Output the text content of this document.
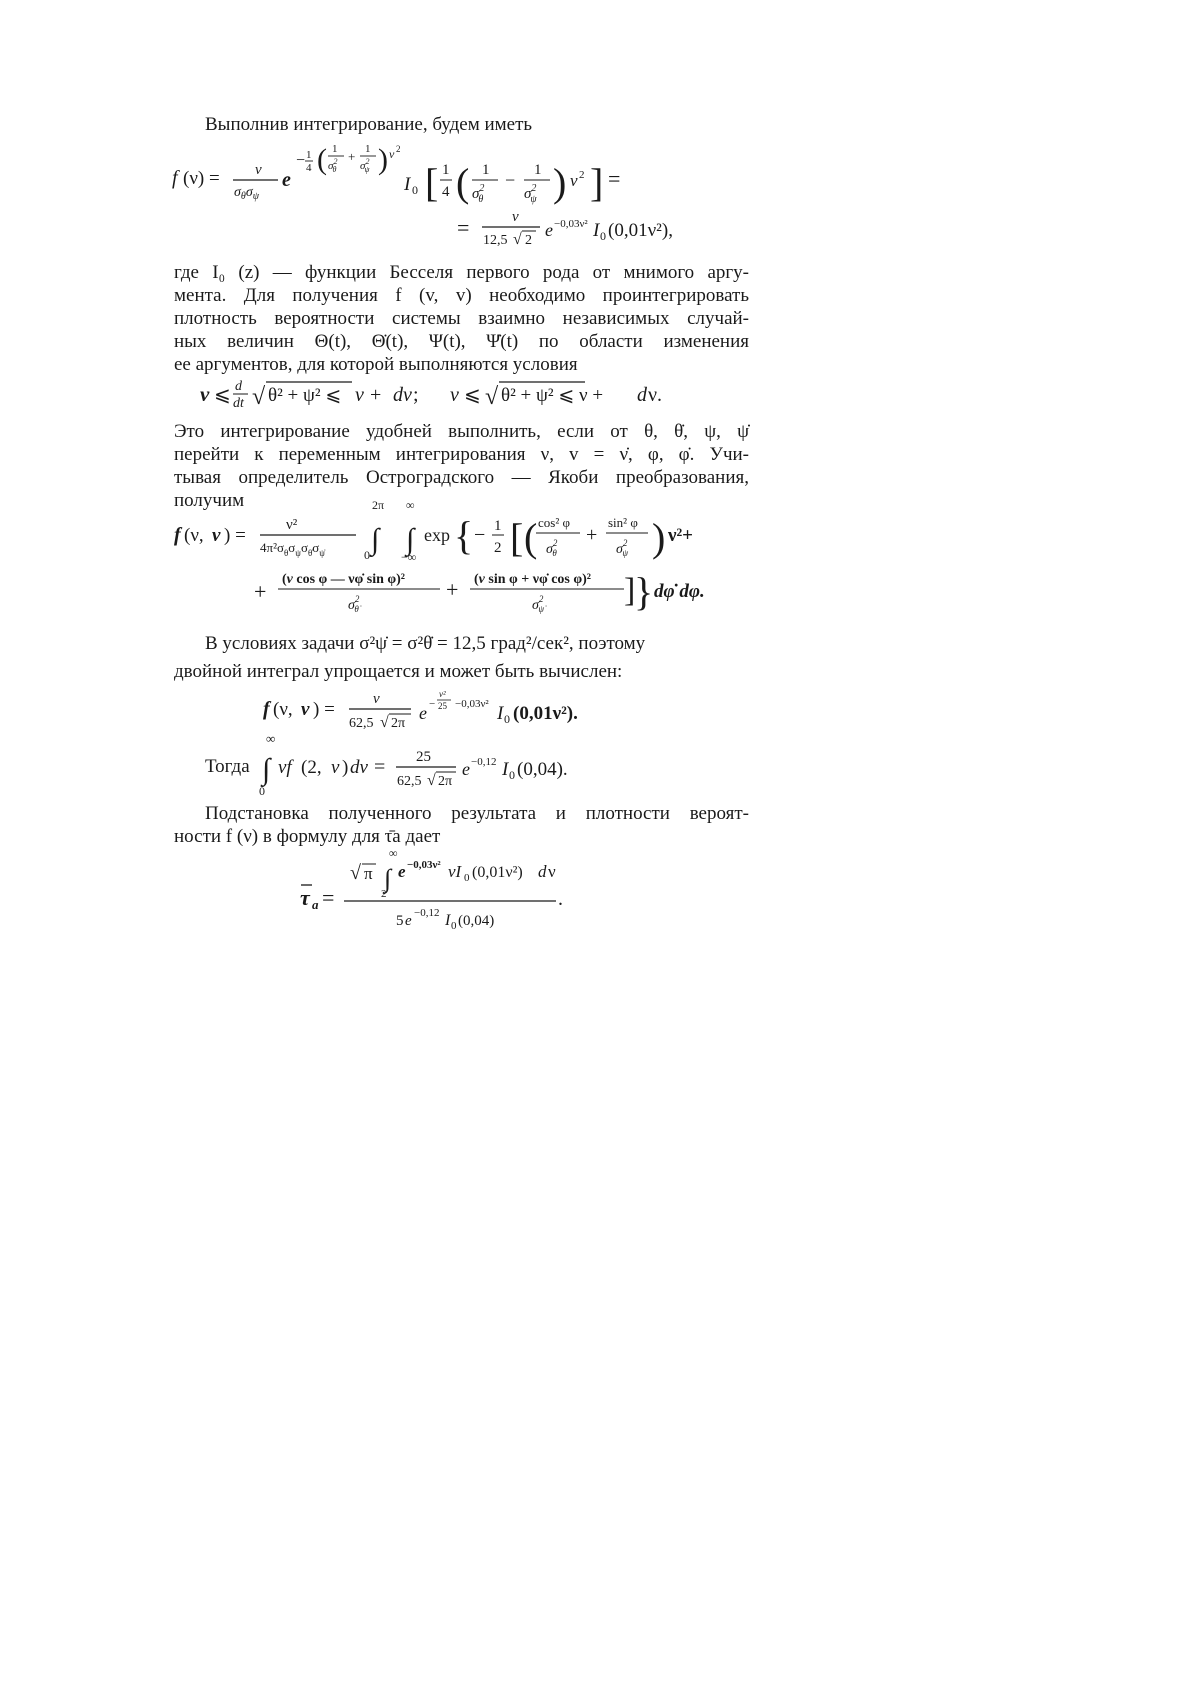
Выполнив интегрирование, будем иметь
f (ν) = ν
$\sigma_\theta\sigma_\psi$
e
− 1
4 ( 1
$\sigma^2$ θ
+ 1
$\sigma^2$ ψ ) ν 2
I 0 [ 1
4 ( 1
$\sigma^2$ θ
− 1
$\sigma^2$ ψ ) ν 2 ] =
=	ν
12,5 √ 2
e −0,03ν² I 0 (0,01ν²),
где I₀ (z) — функции Бесселя первого рода от мнимого аргу-
мента. Для получения f (v, v) необходимо проинтегрировать
плотность вероятности системы взаимно независимых случай-
ных величин Θ(t), Θ̇(t), Ψ(t), Ψ̇(t) по области изменения
ее аргументов, для которой выполняются условия
v ⩽ d
dt √ θ² + ψ² ⩽ v + dv ; ν ⩽ √ θ² + ψ² ⩽ ν + d ν.
Это интегрирование удобней выполнить, если от θ, θ̇, ψ, ψ̇
перейти к переменным интегрирования ν, v = ν̇, φ, φ̇. Учи-
тывая определитель Остроградского — Якоби преобразования,
получим
f (ν, v ) =	ν²
$4\pi^2\sigma_\theta\sigma_\psi\sigma_{\thetȧ}\sigma_{\psi̇}$
2π
∫
0
∞
∫
−∞
exp { − 1
2 [ ( cos² φ
$\sigma^2$ θ
+
sin² φ
$\sigma^2$ ψ ) ν²+
+ (v cos φ — νφ̇ sin φ)²
$\sigma^2$ θ̇
+ (v sin φ + νφ̇ cos φ)²
$\sigma^2$ ψ̇ ]
} dφ̇ dφ.
В условиях задачи σ²ψ̇ = σ²θ̇ = 12,5 град²/сек², поэтому
двойной интеграл упрощается и может быть вычислен:
f (ν, v ) =	ν
62,5 √ 2π
e −
v²
25 −0,03ν² I 0 (0,01ν²).
Тогда
∞
∫
0
vf (2, v ) dv = 25
62,5 √ 2π
e −0,12 I 0 (0,04).
Подстановка полученного результата и плотности вероят-
ности f (ν) в формулу для τ̄a дает
τ a =
√ π
∞
∫
2
e −0,03ν² νI 0 (0,01ν²) d ν
5 e −0,12 I 0 (0,04)
.
